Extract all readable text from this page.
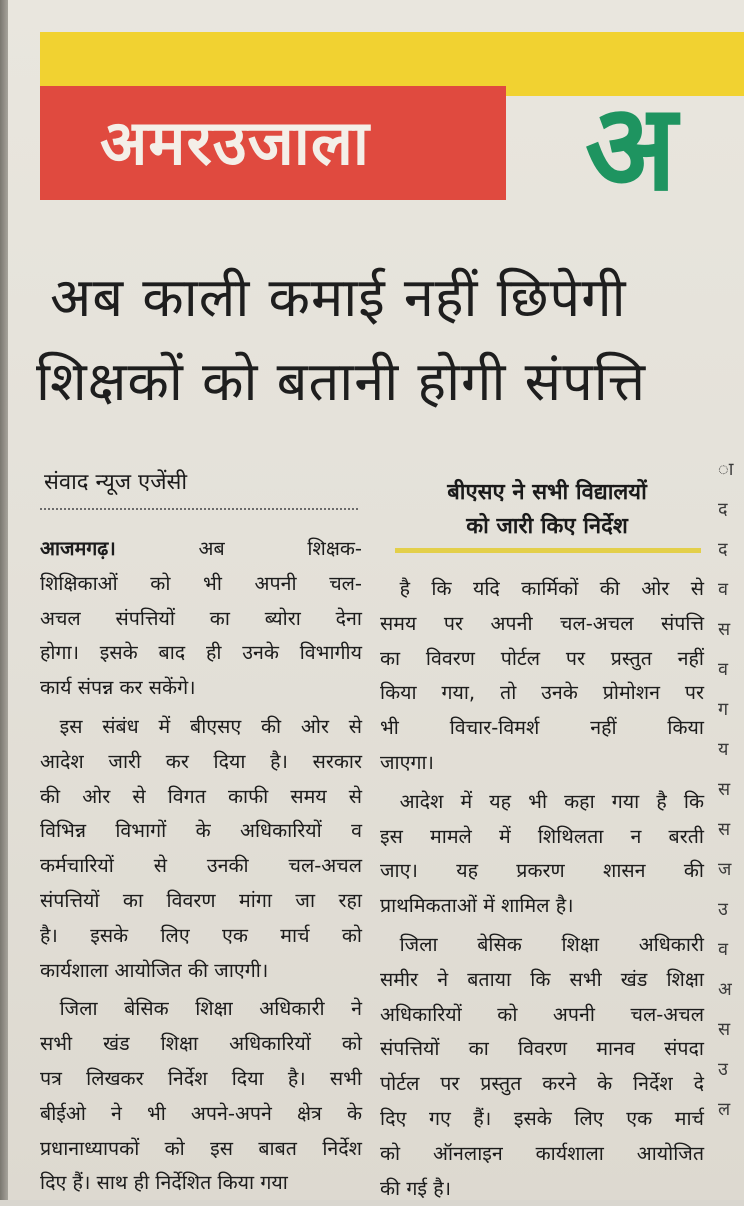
अमरउजाला	अ
अब काली कमाई नहीं छिपेगी
शिक्षकों को बतानी होगी संपत्ति
संवाद न्यूज एजेंसी	बीएसए ने सभी विद्यालयों
को जारी किए निर्देश
आजमगढ़। अब शिक्षक-
शिक्षिकाओं को भी अपनी चल-
अचल संपत्तियों का ब्योरा देना
होगा। इसके बाद ही उनके विभागीय
कार्य संपन्न कर सकेंगे।
 इस संबंध में बीएसए की ओर से
आदेश जारी कर दिया है। सरकार
की ओर से विगत काफी समय से
विभिन्न विभागों के अधिकारियों व
कर्मचारियों से उनकी चल-अचल
संपत्तियों का विवरण मांगा जा रहा
है। इसके लिए एक मार्च को
कार्यशाला आयोजित की जाएगी।
 जिला बेसिक शिक्षा अधिकारी ने
सभी खंड शिक्षा अधिकारियों को
पत्र लिखकर निर्देश दिया है। सभी
बीईओ ने भी अपने-अपने क्षेत्र के
प्रधानाध्यापकों को इस बाबत निर्देश
दिए हैं। साथ ही निर्देशित किया गया
 है कि यदि कार्मिकों की ओर से
समय पर अपनी चल-अचल संपत्ति
का विवरण पोर्टल पर प्रस्तुत नहीं
किया गया, तो उनके प्रोमोशन पर
भी विचार-विमर्श नहीं किया
जाएगा।
 आदेश में यह भी कहा गया है कि
इस मामले में शिथिलता न बरती
जाए। यह प्रकरण शासन की
प्राथमिकताओं में शामिल है।
 जिला बेसिक शिक्षा अधिकारी
समीर ने बताया कि सभी खंड शिक्षा
अधिकारियों को अपनी चल-अचल
संपत्तियों का विवरण मानव संपदा
पोर्टल पर प्रस्तुत करने के निर्देश दे
दिए गए हैं। इसके लिए एक मार्च
को ऑनलाइन कार्यशाला आयोजित
की गई है।
ा
द
द
व
स
व
ग
य
स
स
ज
उ
व
अ
स
उ
ल
